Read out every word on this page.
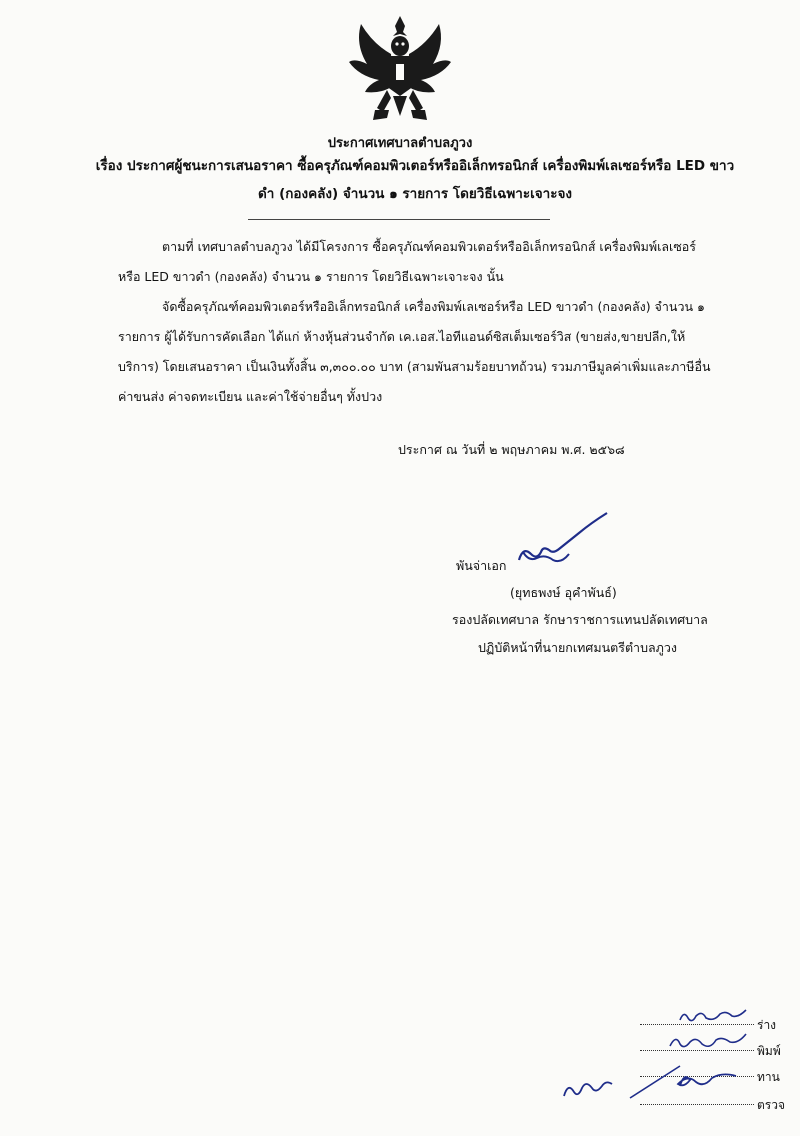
ประกาศเทศบาลตำบลภูวง
เรื่อง ประกาศผู้ชนะการเสนอราคา ซื้อครุภัณฑ์คอมพิวเตอร์หรืออิเล็กทรอนิกส์ เครื่องพิมพ์เลเซอร์หรือ LED ขาว
ดำ (กองคลัง) จำนวน ๑ รายการ โดยวิธีเฉพาะเจาะจง

ตามที่ เทศบาลตำบลภูวง ได้มีโครงการ ซื้อครุภัณฑ์คอมพิวเตอร์หรืออิเล็กทรอนิกส์ เครื่องพิมพ์เลเซอร์หรือ LED ขาวดำ (กองคลัง) จำนวน ๑ รายการ โดยวิธีเฉพาะเจาะจง นั้น

จัดซื้อครุภัณฑ์คอมพิวเตอร์หรืออิเล็กทรอนิกส์ เครื่องพิมพ์เลเซอร์หรือ LED ขาวดำ (กองคลัง) จำนวน ๑ รายการ ผู้ได้รับการคัดเลือก ได้แก่ ห้างหุ้นส่วนจำกัด เค.เอส.ไอทีแอนด์ซิสเต็มเซอร์วิส (ขายส่ง,ขายปลีก,ให้บริการ) โดยเสนอราคา เป็นเงินทั้งสิ้น ๓,๓๐๐.๐๐ บาท (สามพันสามร้อยบาทถ้วน) รวมภาษีมูลค่าเพิ่มและภาษีอื่น ค่าขนส่ง ค่าจดทะเบียน และค่าใช้จ่ายอื่นๆ ทั้งปวง

ประกาศ ณ วันที่ ๒ พฤษภาคม พ.ศ. ๒๕๖๘
พันจ่าเอก
(ยุทธพงษ์ อุคำพันธ์)
รองปลัดเทศบาล รักษาราชการแทนปลัดเทศบาล
ปฏิบัติหน้าที่นายกเทศมนตรีตำบลภูวง
ร่าง
พิมพ์
ทาน
ตรวจ
